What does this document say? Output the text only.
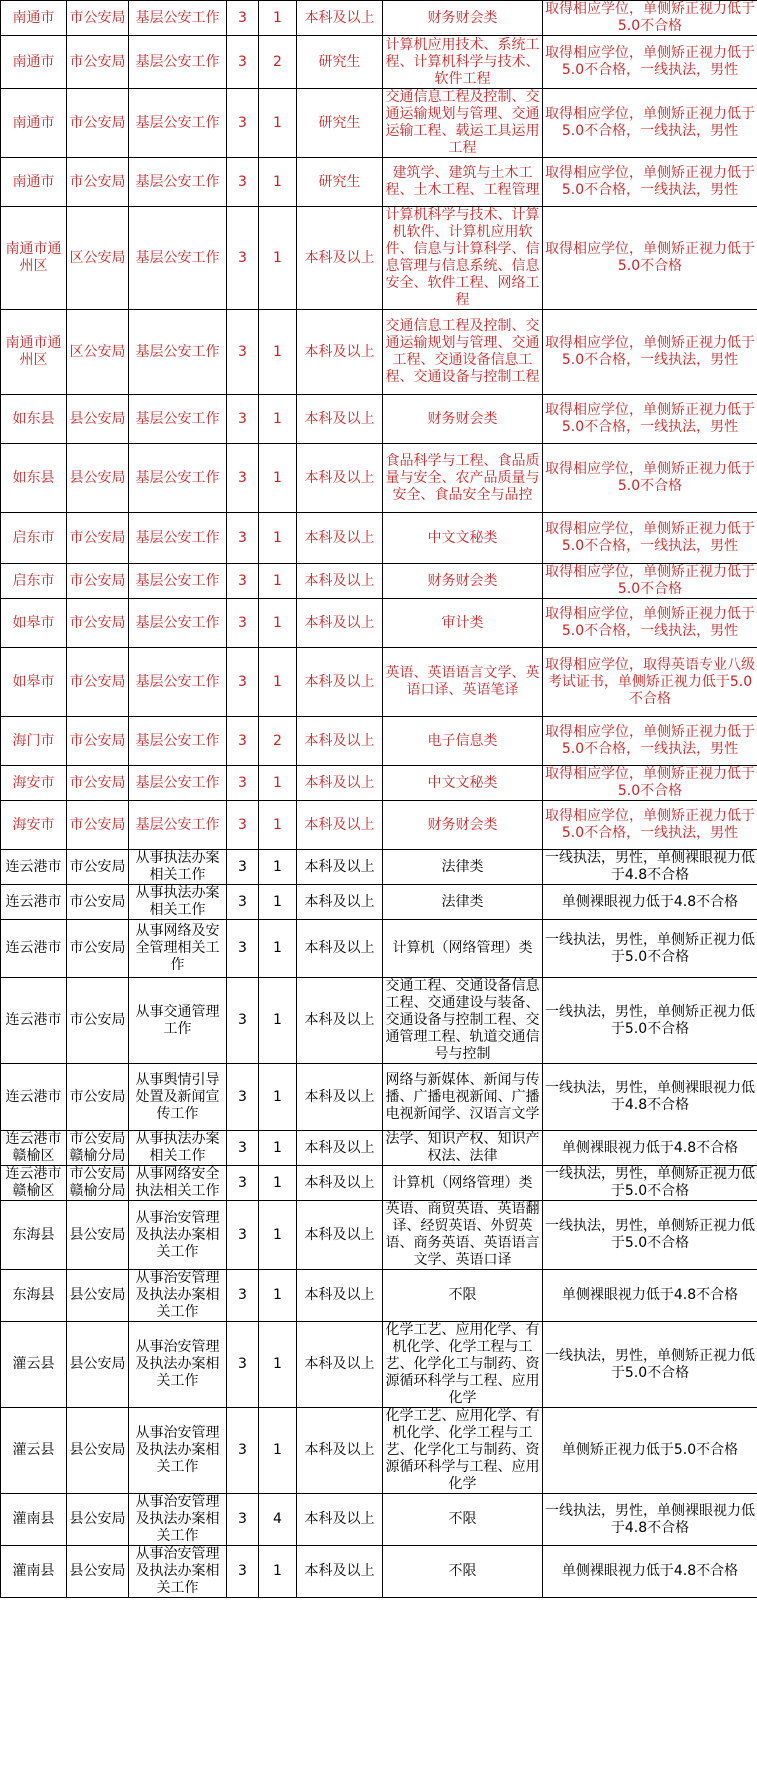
南通市	市公安局	基层公安工作	3	1	本科及以上	财务财会类	取得相应学位，单侧矫正视力低于5.0不合格
南通市	市公安局	基层公安工作	3	2	研究生	计算机应用技术、系统工程、计算机科学与技术、软件工程	取得相应学位，单侧矫正视力低于5.0不合格，一线执法，男性
南通市	市公安局	基层公安工作	3	1	研究生	交通信息工程及控制、交通运输规划与管理、交通运输工程、载运工具运用工程	取得相应学位，单侧矫正视力低于5.0不合格，一线执法，男性
南通市	市公安局	基层公安工作	3	1	研究生	建筑学、建筑与土木工程、土木工程、工程管理	取得相应学位，单侧矫正视力低于5.0不合格，一线执法，男性
南通市通州区	区公安局	基层公安工作	3	1	本科及以上	计算机科学与技术、计算机软件、计算机应用软件、信息与计算科学、信息管理与信息系统、信息安全、软件工程、网络工程	取得相应学位，单侧矫正视力低于5.0不合格
南通市通州区	区公安局	基层公安工作	3	1	本科及以上	交通信息工程及控制、交通运输规划与管理、交通工程、交通设备信息工程、交通设备与控制工程	取得相应学位，单侧矫正视力低于5.0不合格，一线执法，男性
如东县	县公安局	基层公安工作	3	1	本科及以上	财务财会类	取得相应学位，单侧矫正视力低于5.0不合格，一线执法，男性
如东县	县公安局	基层公安工作	3	1	本科及以上	食品科学与工程、食品质量与安全、农产品质量与安全、食品安全与品控	取得相应学位，单侧矫正视力低于5.0不合格
启东市	市公安局	基层公安工作	3	1	本科及以上	中文文秘类	取得相应学位，单侧矫正视力低于5.0不合格，一线执法，男性
启东市	市公安局	基层公安工作	3	1	本科及以上	财务财会类	取得相应学位，单侧矫正视力低于5.0不合格
如皋市	市公安局	基层公安工作	3	1	本科及以上	审计类	取得相应学位，单侧矫正视力低于5.0不合格，一线执法，男性
如皋市	市公安局	基层公安工作	3	1	本科及以上	英语、英语语言文学、英语口译、英语笔译	取得相应学位，取得英语专业八级考试证书，单侧矫正视力低于5.0不合格
海门市	市公安局	基层公安工作	3	2	本科及以上	电子信息类	取得相应学位，单侧矫正视力低于5.0不合格，一线执法，男性
海安市	市公安局	基层公安工作	3	1	本科及以上	中文文秘类	取得相应学位，单侧矫正视力低于5.0不合格
海安市	市公安局	基层公安工作	3	1	本科及以上	财务财会类	取得相应学位，单侧矫正视力低于5.0不合格，一线执法，男性
连云港市	市公安局	从事执法办案相关工作	3	1	本科及以上	法律类	一线执法，男性，单侧裸眼视力低于4.8不合格
连云港市	市公安局	从事执法办案相关工作	3	1	本科及以上	法律类	单侧裸眼视力低于4.8不合格
连云港市	市公安局	从事网络及安全管理相关工作	3	1	本科及以上	计算机（网络管理）类	一线执法，男性，单侧矫正视力低于5.0不合格
连云港市	市公安局	从事交通管理工作	3	1	本科及以上	交通工程、交通设备信息工程、交通建设与装备、交通设备与控制工程、交通管理工程、轨道交通信号与控制	一线执法，男性，单侧矫正视力低于5.0不合格
连云港市	市公安局	从事舆情引导处置及新闻宣传工作	3	1	本科及以上	网络与新媒体、新闻与传播、广播电视新闻、广播电视新闻学、汉语言文学	一线执法，男性，单侧裸眼视力低于4.8不合格
连云港市赣榆区	市公安局赣榆分局	从事执法办案相关工作	3	1	本科及以上	法学、知识产权、知识产权法、法律	单侧裸眼视力低于4.8不合格
连云港市赣榆区	市公安局赣榆分局	从事网络安全执法相关工作	3	1	本科及以上	计算机（网络管理）类	一线执法，男性，单侧矫正视力低于5.0不合格
东海县	县公安局	从事治安管理及执法办案相关工作	3	1	本科及以上	英语、商贸英语、英语翻译、经贸英语、外贸英语、商务英语、英语语言文学、英语口译	一线执法，男性，单侧矫正视力低于5.0不合格
东海县	县公安局	从事治安管理及执法办案相关工作	3	1	本科及以上	不限	单侧裸眼视力低于4.8不合格
灌云县	县公安局	从事治安管理及执法办案相关工作	3	1	本科及以上	化学工艺、应用化学、有机化学、化学工程与工艺、化学化工与制药、资源循环科学与工程、应用化学	一线执法，男性，单侧矫正视力低于5.0不合格
灌云县	县公安局	从事治安管理及执法办案相关工作	3	1	本科及以上	化学工艺、应用化学、有机化学、化学工程与工艺、化学化工与制药、资源循环科学与工程、应用化学	单侧矫正视力低于5.0不合格
灌南县	县公安局	从事治安管理及执法办案相关工作	3	4	本科及以上	不限	一线执法，男性，单侧裸眼视力低于4.8不合格
灌南县	县公安局	从事治安管理及执法办案相关工作	3	1	本科及以上	不限	单侧裸眼视力低于4.8不合格
